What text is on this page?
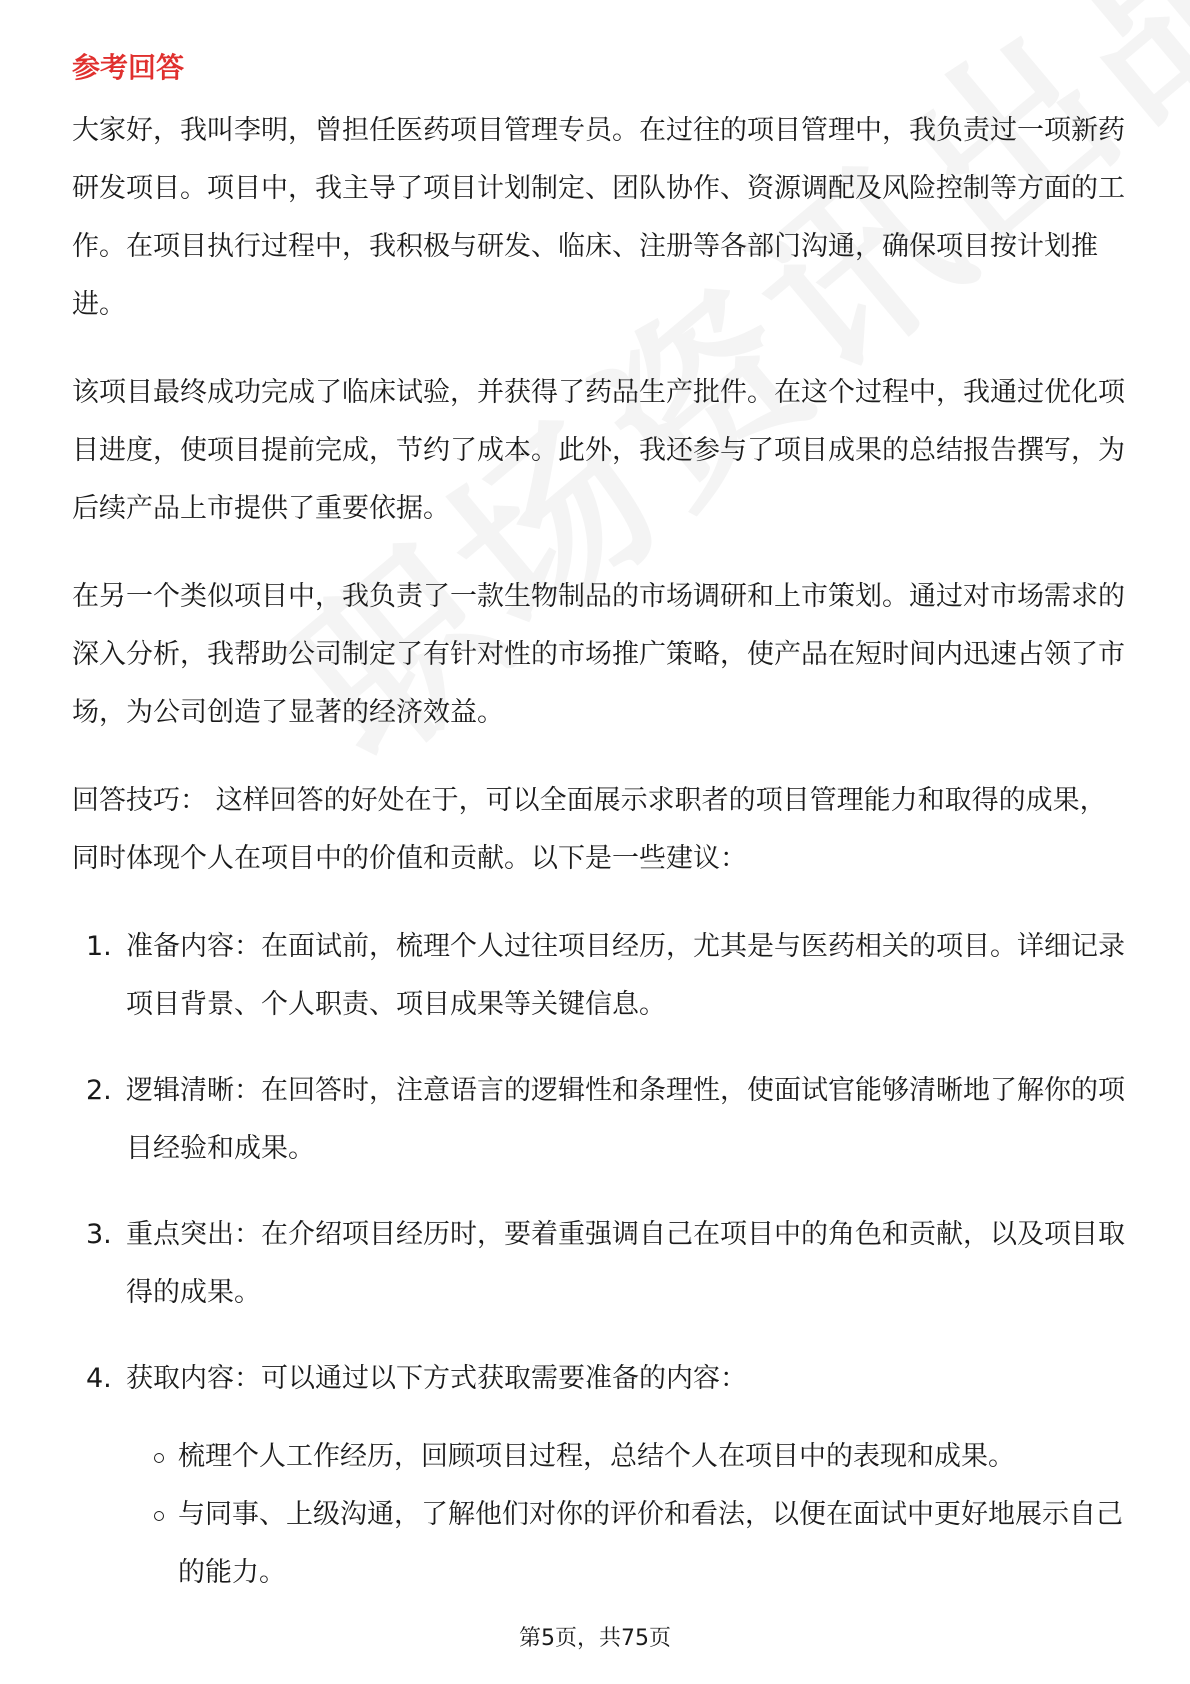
参考回答

大家好，我叫李明，曾担任医药项目管理专员。在过往的项目管理中，我负责过一项新药研发项目。项目中，我主导了项目计划制定、团队协作、资源调配及风险控制等方面的工作。在项目执行过程中，我积极与研发、临床、注册等各部门沟通，确保项目按计划推进。

该项目最终成功完成了临床试验，并获得了药品生产批件。在这个过程中，我通过优化项目进度，使项目提前完成，节约了成本。此外，我还参与了项目成果的总结报告撰写，为后续产品上市提供了重要依据。

在另一个类似项目中，我负责了一款生物制品的市场调研和上市策划。通过对市场需求的深入分析，我帮助公司制定了有针对性的市场推广策略，使产品在短时间内迅速占领了市场，为公司创造了显著的经济效益。

回答技巧： 这样回答的好处在于，可以全面展示求职者的项目管理能力和取得的成果，同时体现个人在项目中的价值和贡献。以下是一些建议：

1. 准备内容：在面试前，梳理个人过往项目经历，尤其是与医药相关的项目。详细记录项目背景、个人职责、项目成果等关键信息。
2. 逻辑清晰：在回答时，注意语言的逻辑性和条理性，使面试官能够清晰地了解你的项目经验和成果。
3. 重点突出：在介绍项目经历时，要着重强调自己在项目中的角色和贡献，以及项目取得的成果。
4. 获取内容：可以通过以下方式获取需要准备的内容：
梳理个人工作经历，回顾项目过程，总结个人在项目中的表现和成果。
与同事、上级沟通，了解他们对你的评价和看法，以便在面试中更好地展示自己的能力。
第5页，共75页
